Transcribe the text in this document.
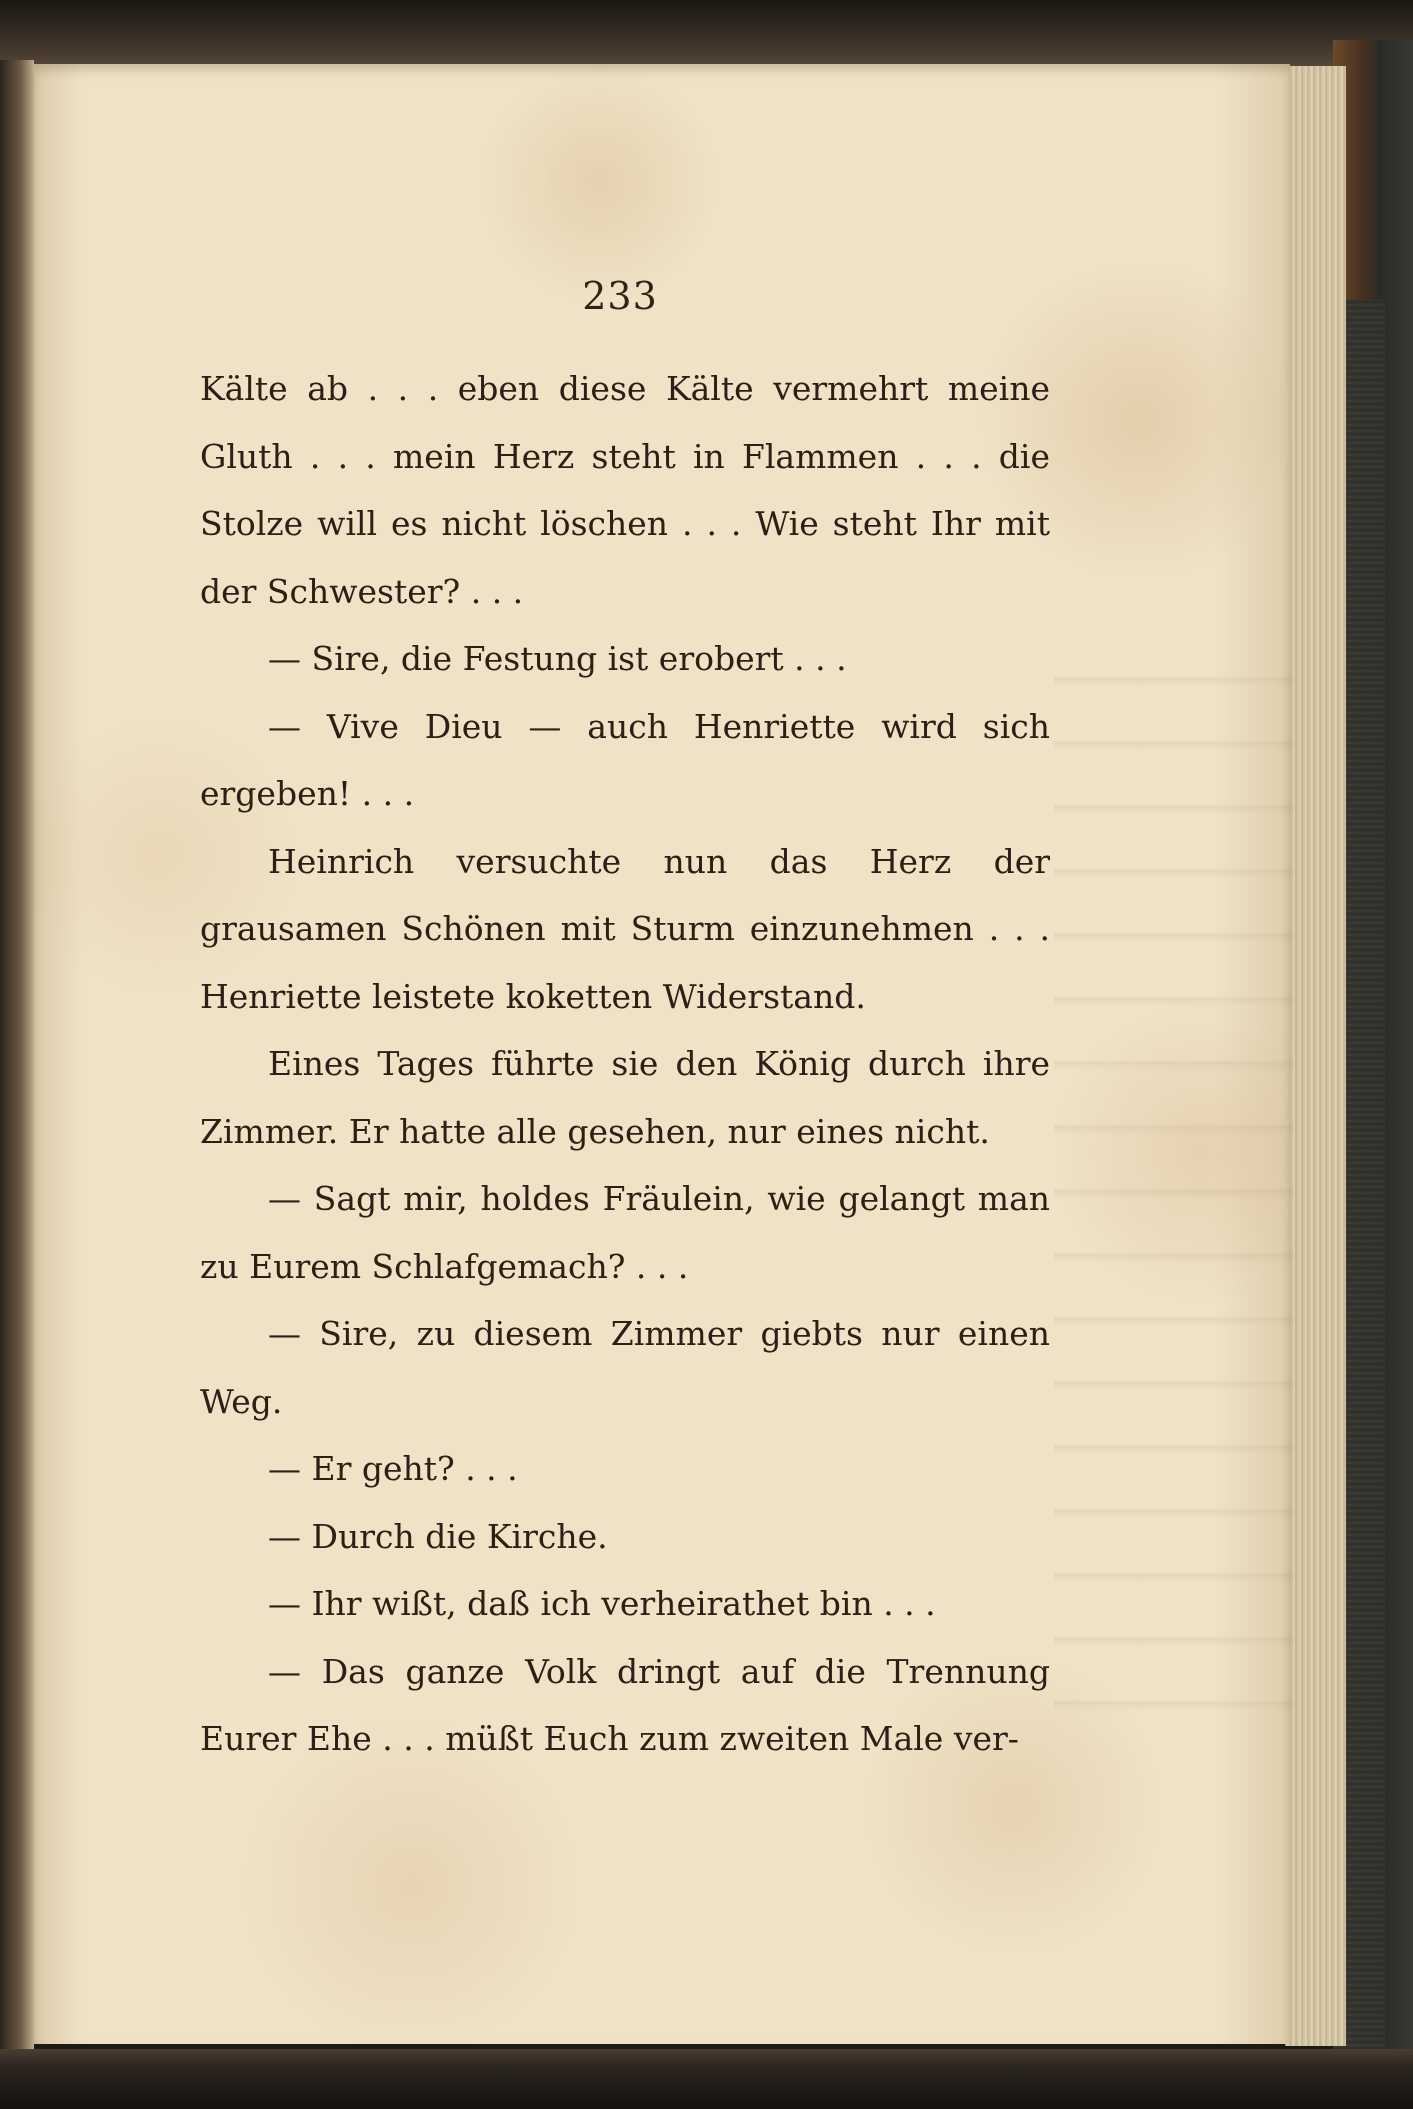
233

Kälte ab . . . eben diese Kälte vermehrt meine Gluth . . . mein Herz steht in Flammen . . . die Stolze will es nicht löschen . . . Wie steht Ihr mit der Schwester? . . .

— Sire, die Festung ist erobert . . .

— Vive Dieu — auch Henriette wird sich ergeben! . . .

Heinrich versuchte nun das Herz der grausamen Schönen mit Sturm einzunehmen . . . Henriette leistete koketten Widerstand.

Eines Tages führte sie den König durch ihre Zimmer. Er hatte alle gesehen, nur eines nicht.

— Sagt mir, holdes Fräulein, wie gelangt man zu Eurem Schlafgemach? . . .

— Sire, zu diesem Zimmer giebts nur einen Weg.

— Er geht? . . .

— Durch die Kirche.

— Ihr wißt, daß ich verheirathet bin . . .

— Das ganze Volk dringt auf die Trennung Eurer Ehe . . . müßt Euch zum zweiten Male ver-
